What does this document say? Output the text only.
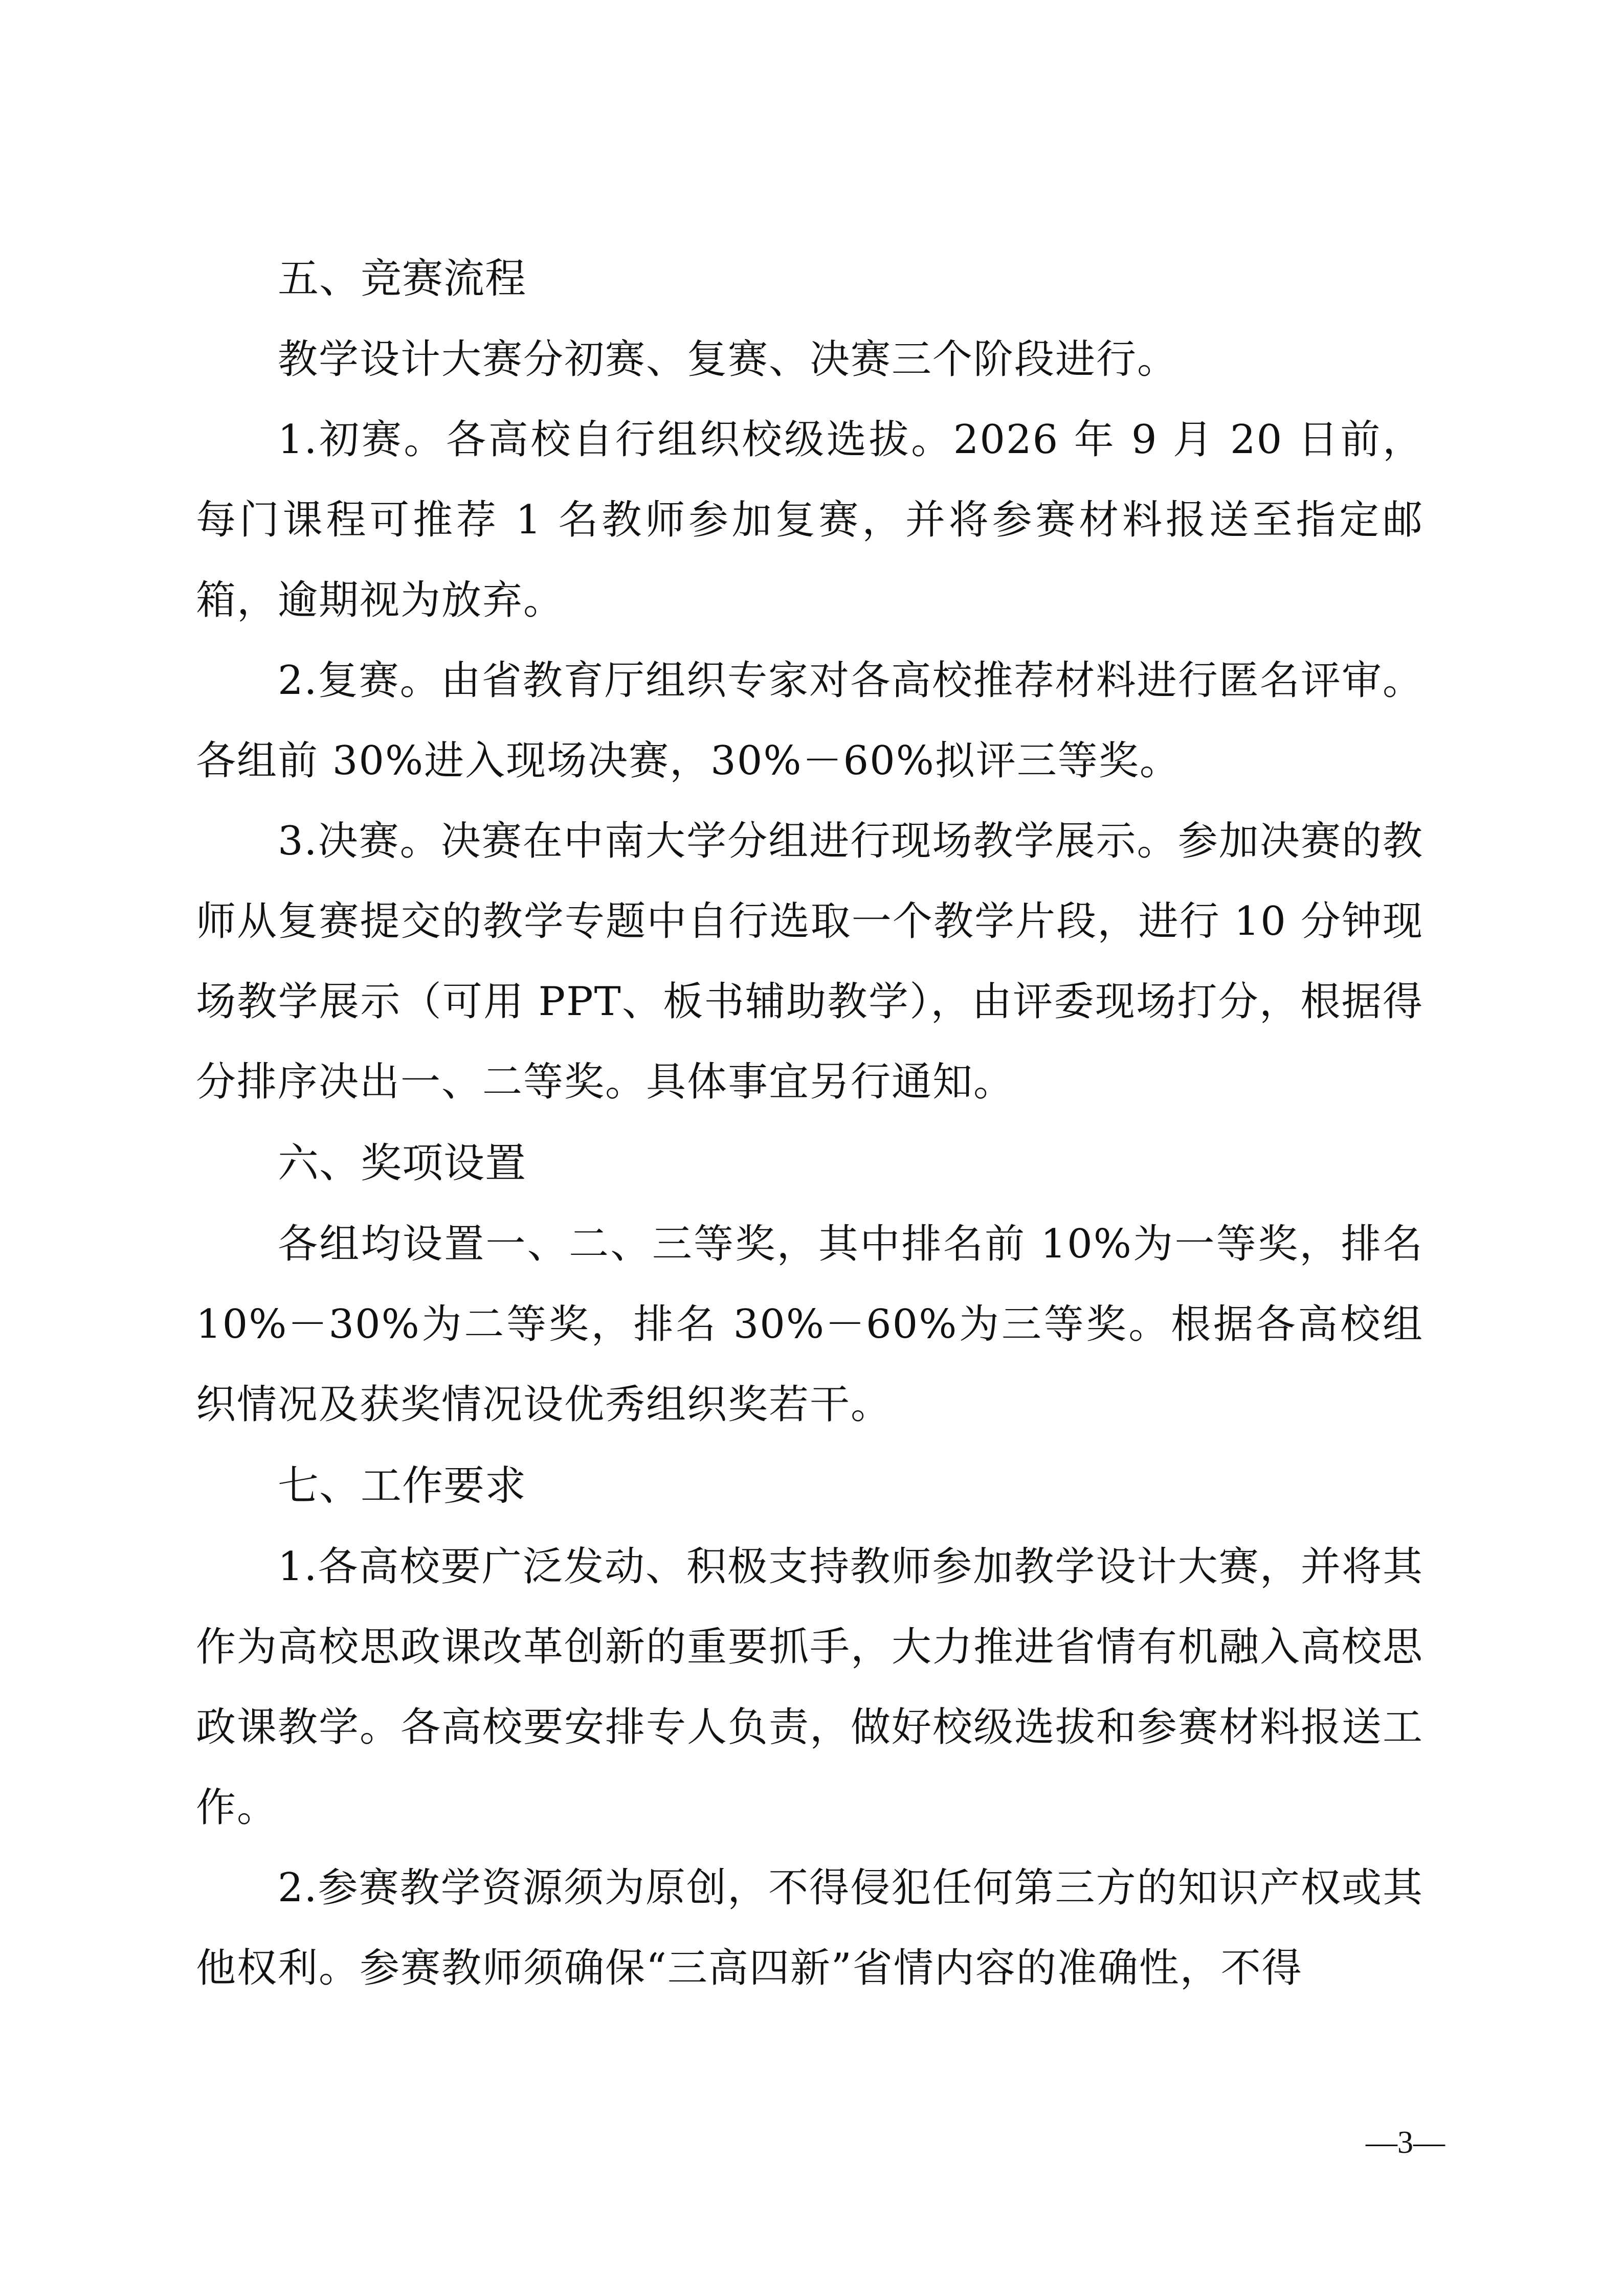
五、竞赛流程

教学设计大赛分初赛、复赛、决赛三个阶段进行。

1.初赛。各高校自行组织校级选拔。2026 年 9 月 20 日前，每门课程可推荐 1 名教师参加复赛，并将参赛材料报送至指定邮箱，逾期视为放弃。

2.复赛。由省教育厅组织专家对各高校推荐材料进行匿名评审。各组前 30%进入现场决赛，30%－60%拟评三等奖。

3.决赛。决赛在中南大学分组进行现场教学展示。参加决赛的教师从复赛提交的教学专题中自行选取一个教学片段，进行 10 分钟现场教学展示（可用 PPT、板书辅助教学），由评委现场打分，根据得分排序决出一、二等奖。具体事宜另行通知。

六、奖项设置

各组均设置一、二、三等奖，其中排名前 10%为一等奖，排名 10%－30%为二等奖，排名 30%－60%为三等奖。根据各高校组织情况及获奖情况设优秀组织奖若干。

七、工作要求

1.各高校要广泛发动、积极支持教师参加教学设计大赛，并将其作为高校思政课改革创新的重要抓手，大力推进省情有机融入高校思政课教学。各高校要安排专人负责，做好校级选拔和参赛材料报送工作。

2.参赛教学资源须为原创，不得侵犯任何第三方的知识产权或其他权利。参赛教师须确保“三高四新”省情内容的准确性，不得

—3—
